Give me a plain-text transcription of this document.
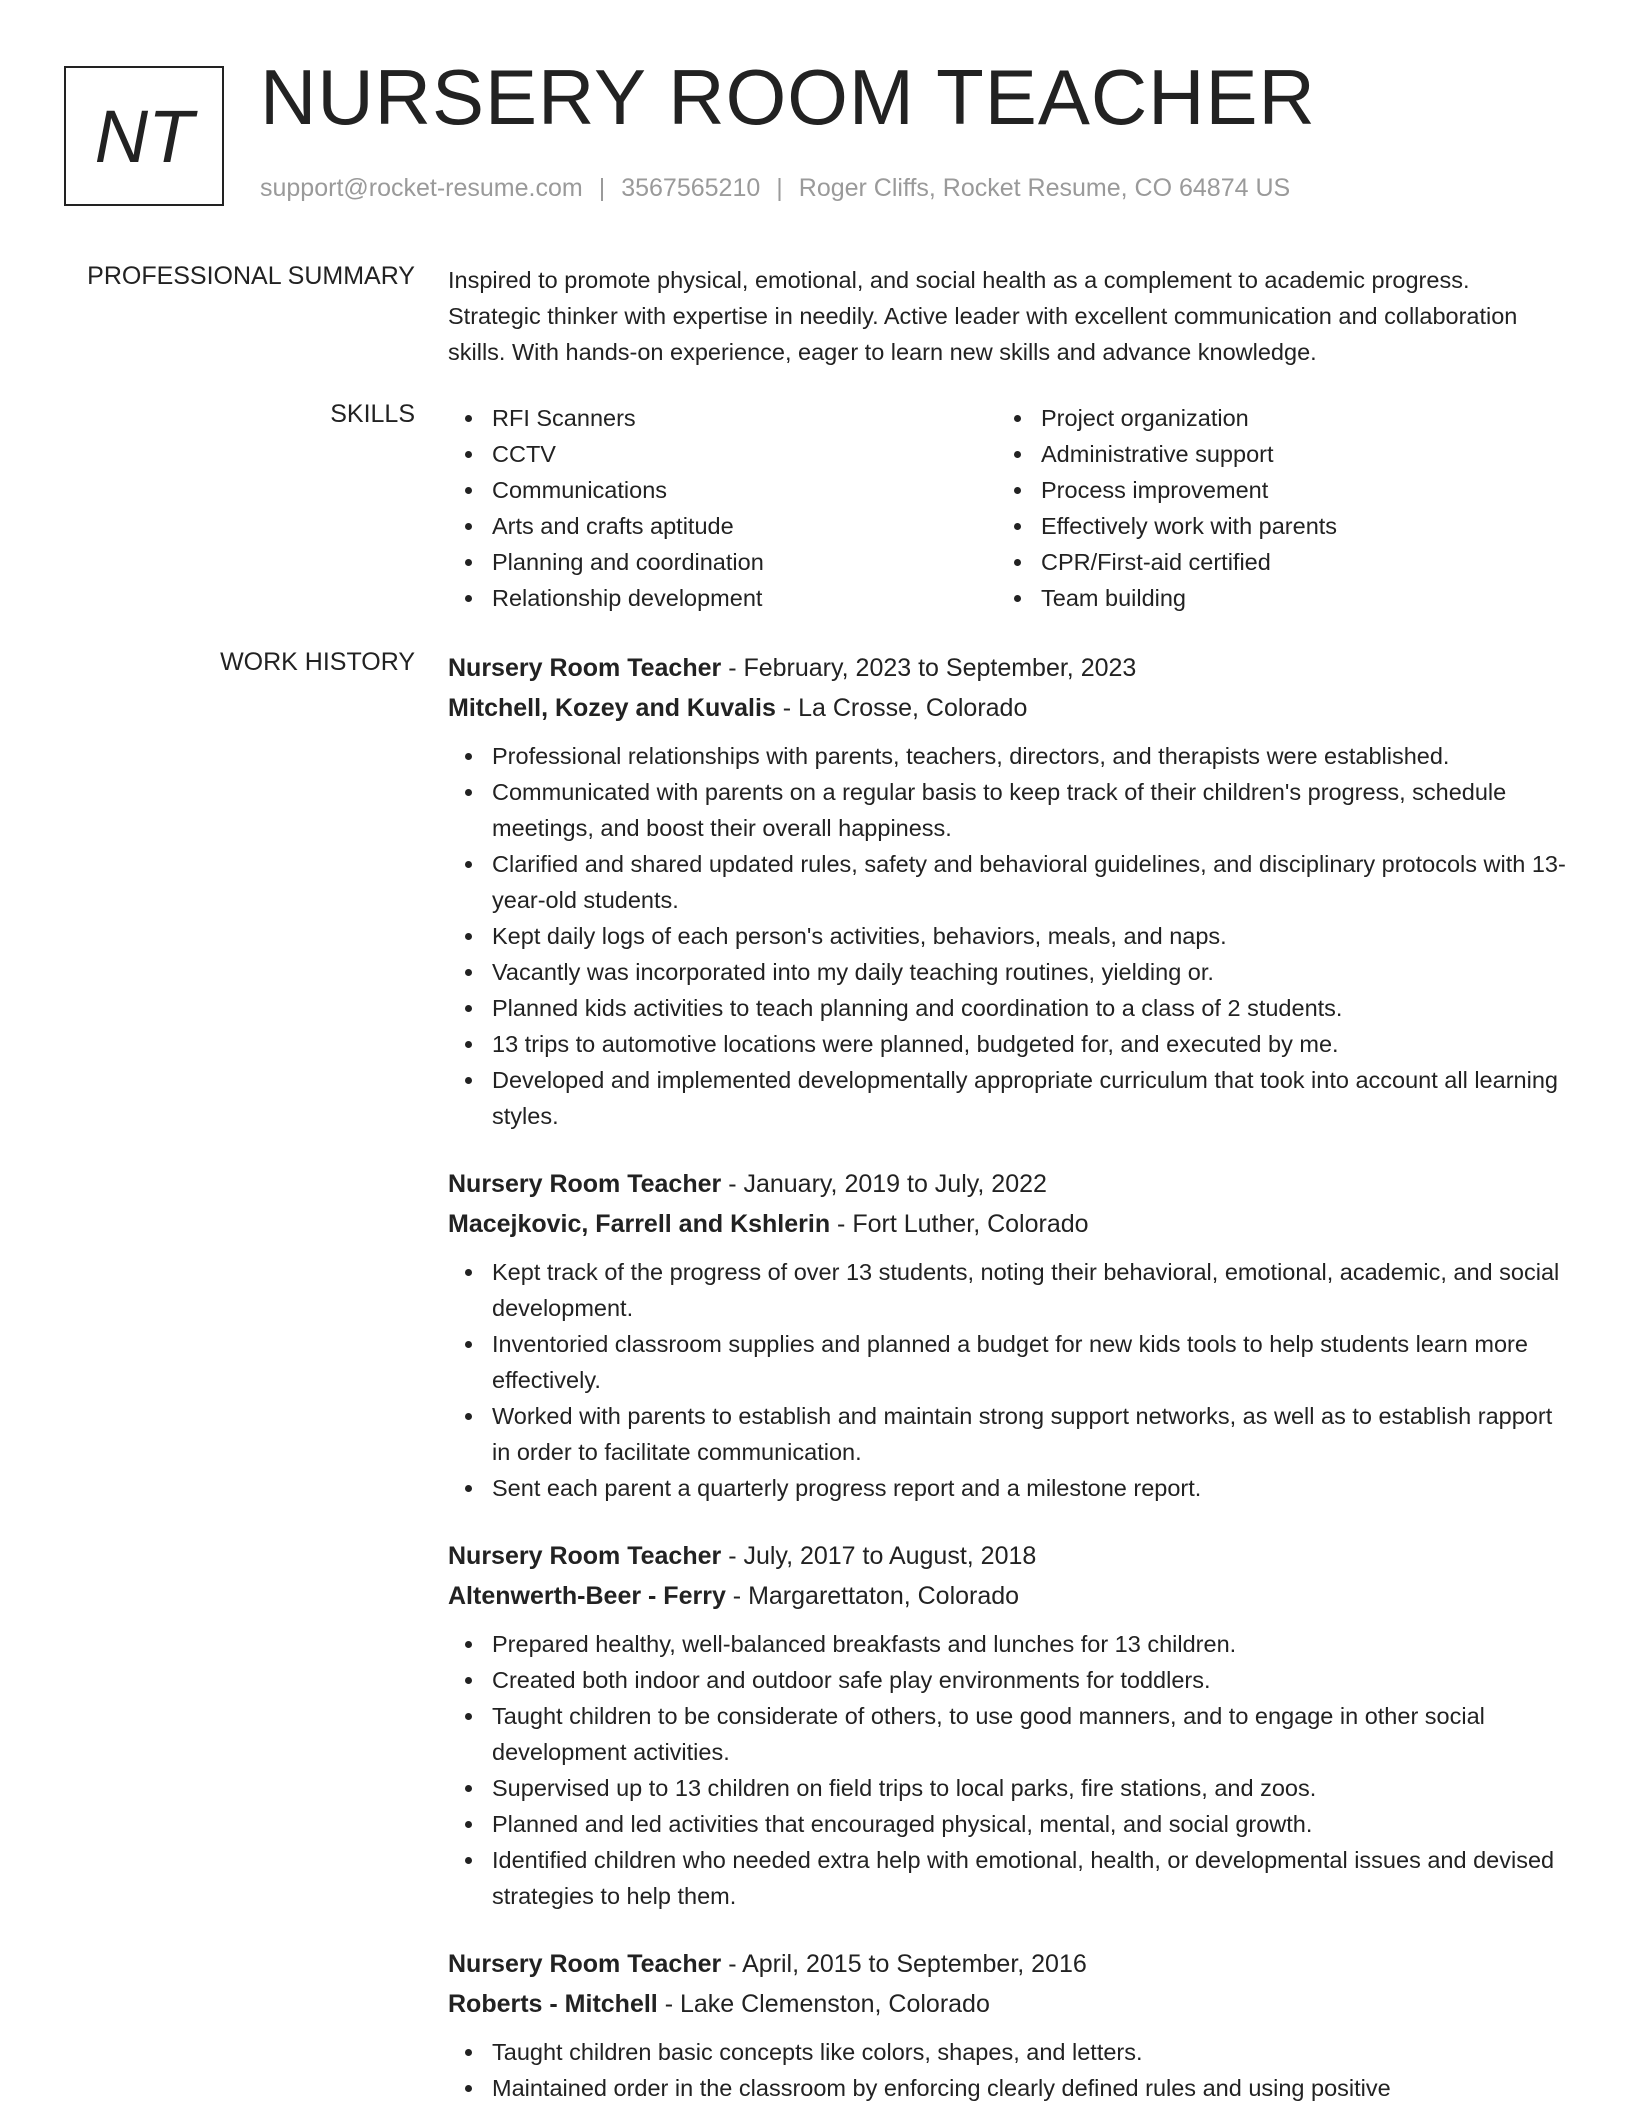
NT NURSERY ROOM TEACHER
support@rocket-resume.com | 3567565210 | Roger Cliffs, Rocket Resume, CO 64874 US
PROFESSIONAL SUMMARY Inspired to promote physical, emotional, and social health as a complement to academic progress. Strategic thinker with expertise in needily. Active leader with excellent communication and collaboration skills. With hands-on experience, eager to learn new skills and advance knowledge.

SKILLS	RFI Scanners
CCTV
Communications
Arts and crafts aptitude
Planning and coordination
Relationship development
Project organization
Administrative support
Process improvement
Effectively work with parents
CPR/First-aid certified
Team building
WORK HISTORY Nursery Room Teacher - February, 2023 to September, 2023
Mitchell, Kozey and Kuvalis - La Crosse, Colorado
Professional relationships with parents, teachers, directors, and therapists were established.
Communicated with parents on a regular basis to keep track of their children's progress, schedule meetings, and boost their overall happiness.
Clarified and shared updated rules, safety and behavioral guidelines, and disciplinary protocols with 13-year-old students.
Kept daily logs of each person's activities, behaviors, meals, and naps.
Vacantly was incorporated into my daily teaching routines, yielding or.
Planned kids activities to teach planning and coordination to a class of 2 students.
13 trips to automotive locations were planned, budgeted for, and executed by me.
Developed and implemented developmentally appropriate curriculum that took into account all learning styles.
Nursery Room Teacher - January, 2019 to July, 2022
Macejkovic, Farrell and Kshlerin - Fort Luther, Colorado
Kept track of the progress of over 13 students, noting their behavioral, emotional, academic, and social development.
Inventoried classroom supplies and planned a budget for new kids tools to help students learn more effectively.
Worked with parents to establish and maintain strong support networks, as well as to establish rapport in order to facilitate communication.
Sent each parent a quarterly progress report and a milestone report.
Nursery Room Teacher - July, 2017 to August, 2018
Altenwerth-Beer - Ferry - Margarettaton, Colorado
Prepared healthy, well-balanced breakfasts and lunches for 13 children.
Created both indoor and outdoor safe play environments for toddlers.
Taught children to be considerate of others, to use good manners, and to engage in other social development activities.
Supervised up to 13 children on field trips to local parks, fire stations, and zoos.
Planned and led activities that encouraged physical, mental, and social growth.
Identified children who needed extra help with emotional, health, or developmental issues and devised strategies to help them.
Nursery Room Teacher - April, 2015 to September, 2016
Roberts - Mitchell - Lake Clemenston, Colorado
Taught children basic concepts like colors, shapes, and letters.
Maintained order in the classroom by enforcing clearly defined rules and using positive
